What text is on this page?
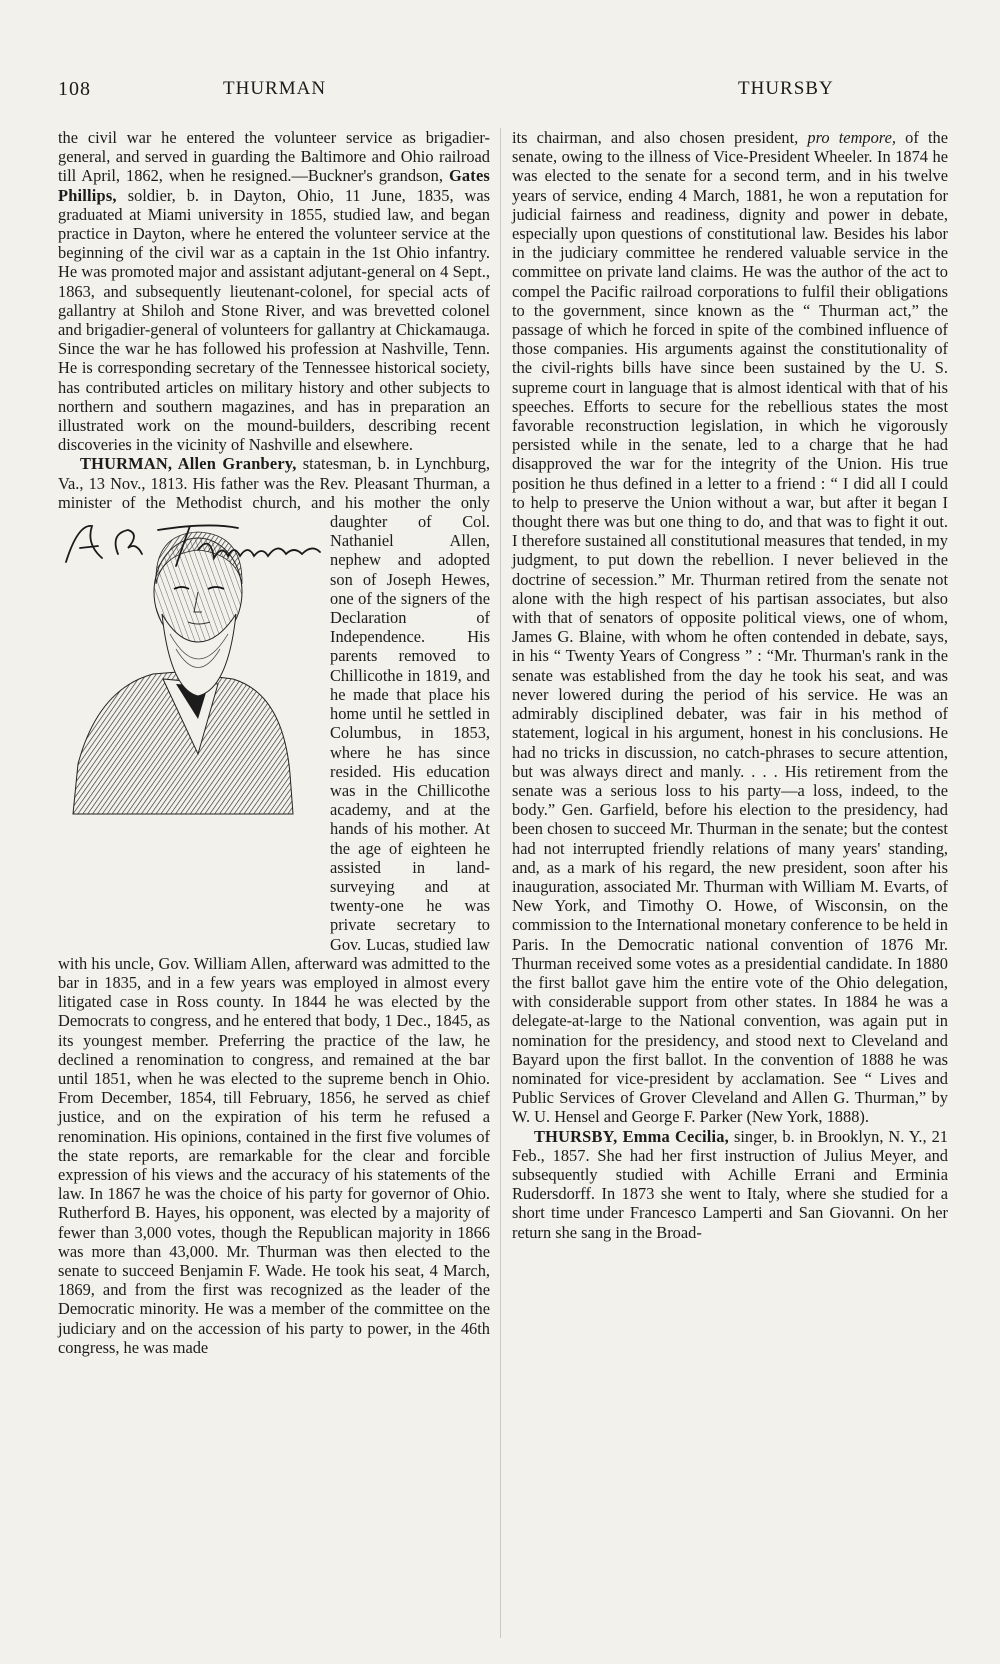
108	THURMAN	THURSBY

the civil war he entered the volunteer service as brigadier-general, and served in guarding the Baltimore and Ohio railroad till April, 1862, when he resigned.—Buckner's grandson, Gates Phillips, soldier, b. in Dayton, Ohio, 11 June, 1835, was graduated at Miami university in 1855, studied law, and began practice in Dayton, where he entered the volunteer service at the beginning of the civil war as a captain in the 1st Ohio infantry. He was promoted major and assistant adjutant-general on 4 Sept., 1863, and subsequently lieutenant-colonel, for special acts of gallantry at Shiloh and Stone River, and was brevetted colonel and brigadier-general of volunteers for gallantry at Chickamauga. Since the war he has followed his profession at Nashville, Tenn. He is corresponding secretary of the Tennessee historical society, has contributed articles on military history and other subjects to northern and southern magazines, and has in preparation an illustrated work on the mound-builders, describing recent discoveries in the vicinity of Nashville and elsewhere.

THURMAN, Allen Granbery, statesman, b. in Lynchburg, Va., 13 Nov., 1813. His father was the Rev. Pleasant Thurman, a minister of the Methodist church, and his mother the only
daughter of Col. Nathaniel Allen, nephew and adopted son of Joseph Hewes, one of the signers of the Declaration of Independence. His parents removed to Chillicothe in 1819, and he made that place his home until he settled in Columbus, in 1853, where he has since resided. His education was in the Chillicothe academy, and at the hands of his mother. At the age of eighteen he assisted in land-surveying and at twenty-one he was private secretary to Gov. Lucas, studied law with his uncle, Gov. William Allen, afterward was admitted to the bar in 1835, and in a few years was employed in almost every litigated case in Ross county. In 1844 he was elected by the Democrats to congress, and he entered that body, 1 Dec., 1845, as its youngest member. Preferring the practice of the law, he declined a renomination to congress, and remained at the bar until 1851, when he was elected to the supreme bench in Ohio. From December, 1854, till February, 1856, he served as chief justice, and on the expiration of his term he refused a renomination. His opinions, contained in the first five volumes of the state reports, are remarkable for the clear and forcible expression of his views and the accuracy of his statements of the law. In 1867 he was the choice of his party for governor of Ohio. Rutherford B. Hayes, his opponent, was elected by a majority of fewer than 3,000 votes, though the Republican majority in 1866 was more than 43,000. Mr. Thurman was then elected to the senate to succeed Benjamin F. Wade. He took his seat, 4 March, 1869, and from the first was recognized as the leader of the Democratic minority. He was a member of the committee on the judiciary and on the accession of his party to power, in the 46th congress, he was made

its chairman, and also chosen president, pro tempore, of the senate, owing to the illness of Vice-President Wheeler. In 1874 he was elected to the senate for a second term, and in his twelve years of service, ending 4 March, 1881, he won a reputation for judicial fairness and readiness, dignity and power in debate, especially upon questions of constitutional law. Besides his labor in the judiciary committee he rendered valuable service in the committee on private land claims. He was the author of the act to compel the Pacific railroad corporations to fulfil their obligations to the government, since known as the “ Thurman act,” the passage of which he forced in spite of the combined influence of those companies. His arguments against the constitutionality of the civil-rights bills have since been sustained by the U. S. supreme court in language that is almost identical with that of his speeches. Efforts to secure for the rebellious states the most favorable reconstruction legislation, in which he vigorously persisted while in the senate, led to a charge that he had disapproved the war for the integrity of the Union. His true position he thus defined in a letter to a friend : “ I did all I could to help to preserve the Union without a war, but after it began I thought there was but one thing to do, and that was to fight it out. I therefore sustained all constitutional measures that tended, in my judgment, to put down the rebellion. I never believed in the doctrine of secession.” Mr. Thurman retired from the senate not alone with the high respect of his partisan associates, but also with that of senators of opposite political views, one of whom, James G. Blaine, with whom he often contended in debate, says, in his “ Twenty Years of Congress ” : “Mr. Thurman's rank in the senate was established from the day he took his seat, and was never lowered during the period of his service. He was an admirably disciplined debater, was fair in his method of statement, logical in his argument, honest in his conclusions. He had no tricks in discussion, no catch-phrases to secure attention, but was always direct and manly. . . . His retirement from the senate was a serious loss to his party—a loss, indeed, to the body.” Gen. Garfield, before his election to the presidency, had been chosen to succeed Mr. Thurman in the senate; but the contest had not interrupted friendly relations of many years' standing, and, as a mark of his regard, the new president, soon after his inauguration, associated Mr. Thurman with William M. Evarts, of New York, and Timothy O. Howe, of Wisconsin, on the commission to the International monetary conference to be held in Paris. In the Democratic national convention of 1876 Mr. Thurman received some votes as a presidential candidate. In 1880 the first ballot gave him the entire vote of the Ohio delegation, with considerable support from other states. In 1884 he was a delegate-at-large to the National convention, was again put in nomination for the presidency, and stood next to Cleveland and Bayard upon the first ballot. In the convention of 1888 he was nominated for vice-president by acclamation. See “ Lives and Public Services of Grover Cleveland and Allen G. Thurman,” by W. U. Hensel and George F. Parker (New York, 1888).

THURSBY, Emma Cecilia, singer, b. in Brooklyn, N. Y., 21 Feb., 1857. She had her first instruction of Julius Meyer, and subsequently studied with Achille Errani and Erminia Rudersdorff. In 1873 she went to Italy, where she studied for a short time under Francesco Lamperti and San Giovanni. On her return she sang in the Broad-
